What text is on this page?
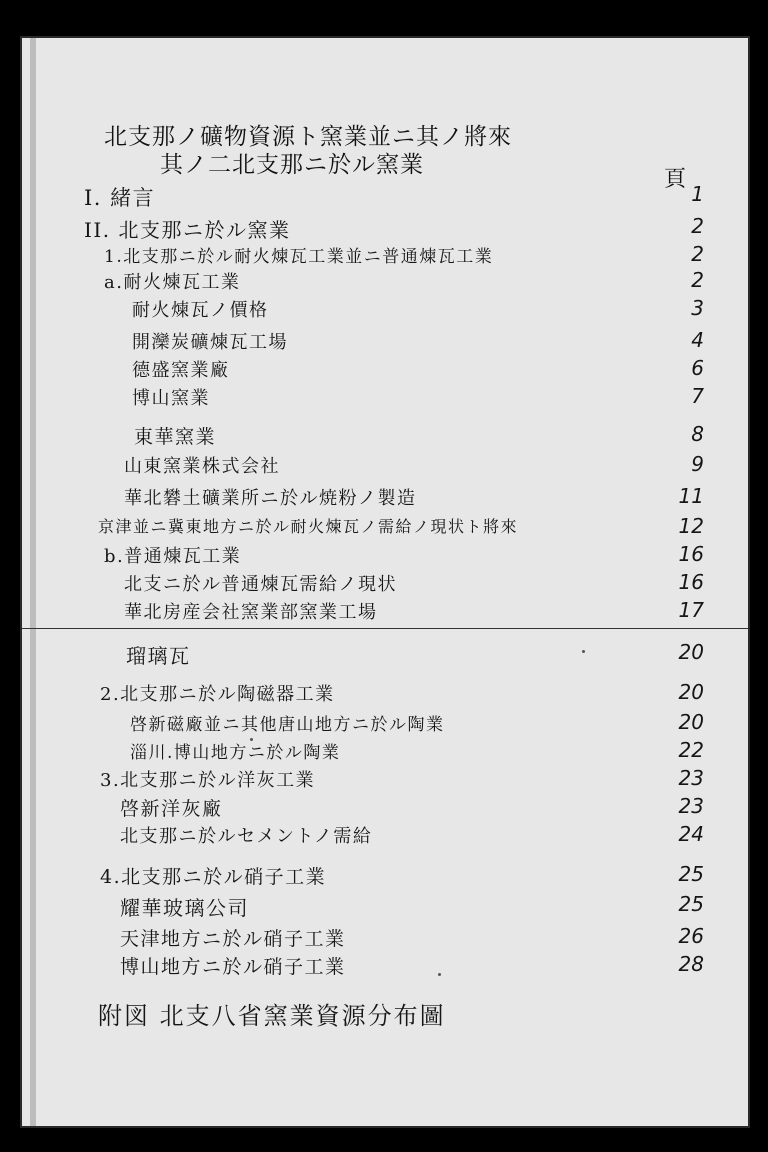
北支那ノ礦物資源ト窯業並ニ其ノ將來
其ノ二北支那ニ於ル窯業
頁
I. 緒言	1
II. 北支那ニ於ル窯業	2
1.北支那ニ於ル耐火煉瓦工業並ニ普通煉瓦工業	2
a.耐火煉瓦工業	2
耐火煉瓦ノ價格	3
開灤炭礦煉瓦工場	4
德盛窯業廠	6
博山窯業	7
東華窯業	8
山東窯業株式会社	9
華北礬土礦業所ニ於ル焼粉ノ製造	11
京津並ニ冀東地方ニ於ル耐火煉瓦ノ需給ノ現状ト將來	12
b.普通煉瓦工業	16
北支ニ於ル普通煉瓦需給ノ現状	16
華北房産会社窯業部窯業工場	17
瑠璃瓦	20
2.北支那ニ於ル陶磁器工業	20
啓新磁廠並ニ其他唐山地方ニ於ル陶業	20
淄川.博山地方ニ於ル陶業	22
3.北支那ニ於ル洋灰工業	23
啓新洋灰廠	23
北支那ニ於ルセメントノ需給	24
4.北支那ニ於ル硝子工業	25
耀華玻璃公司	25
天津地方ニ於ル硝子工業	26
博山地方ニ於ル硝子工業	28
附図 北支八省窯業資源分布圖
